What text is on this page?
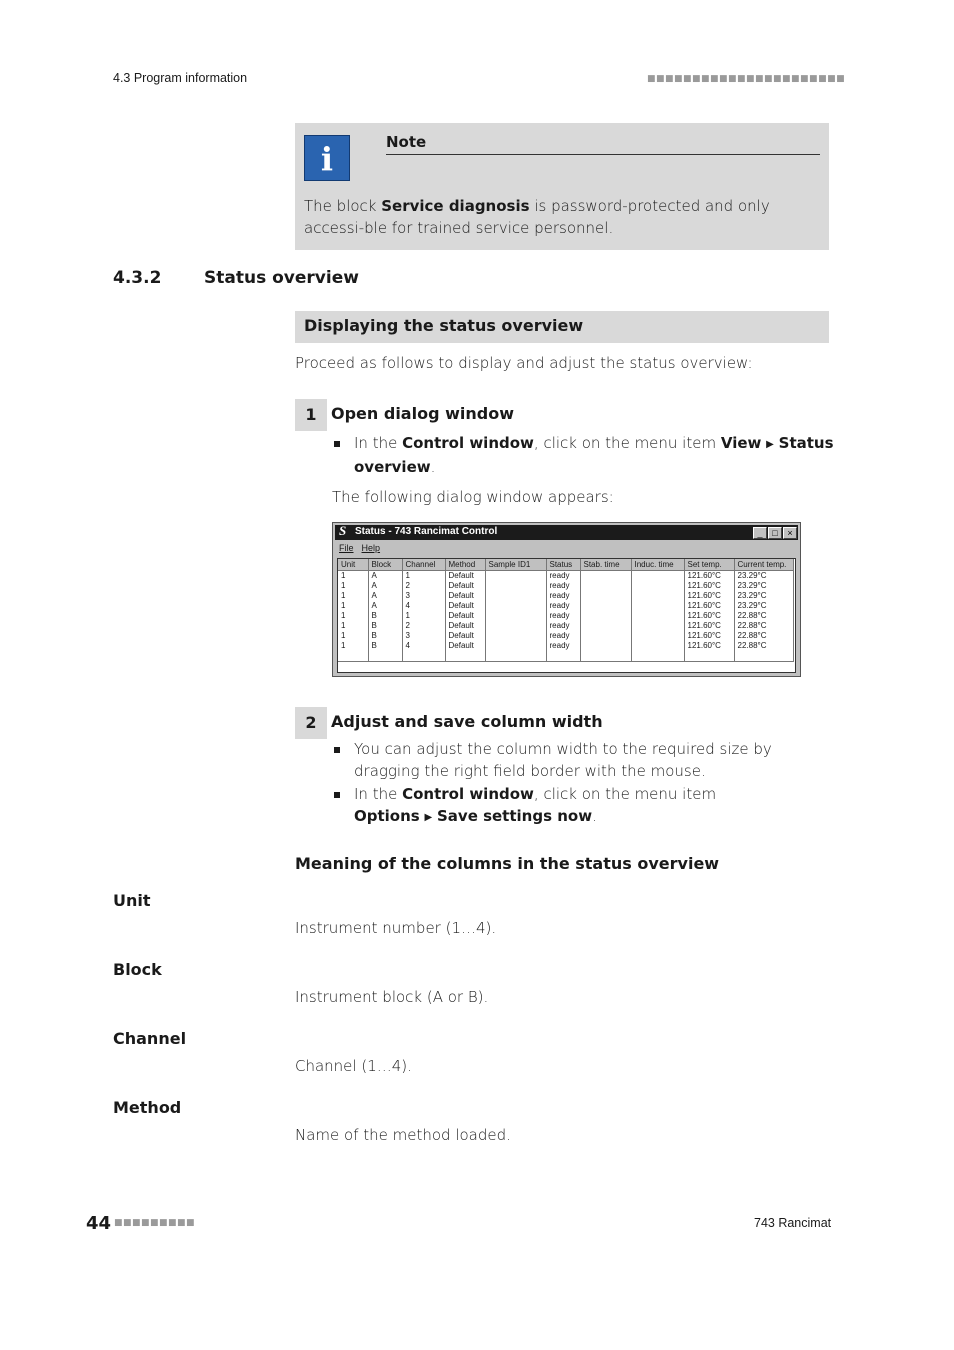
4.3 Program information	■■■■■■■■■■■■■■■■■■■■■■
i	Note
The block Service diagnosis is password-protected and only accessi-ble for trained service personnel.
4.3.2	Status overview
Displaying the status overview
Proceed as follows to display and adjust the status overview:
1 Open dialog window
In the Control window, click on the menu item View ▶ Status overview.
The following dialog window appears:
S Status - 743 Rancimat Control	_	□	×
File Help
Unit	Block	Channel	Method	Sample ID1	Status	Stab. time	Induc. time	Set temp.	Current temp.
1	A	1	Default		ready			121.60°C	23.29°C
1	A	2	Default		ready			121.60°C	23.29°C
1	A	3	Default		ready			121.60°C	23.29°C
1	A	4	Default		ready			121.60°C	23.29°C
1	B	1	Default		ready			121.60°C	22.88°C
1	B	2	Default		ready			121.60°C	22.88°C
1	B	3	Default		ready			121.60°C	22.88°C
1	B	4	Default		ready			121.60°C	22.88°C

2 Adjust and save column width
You can adjust the column width to the required size by dragging the right field border with the mouse.
In the Control window, click on the menu item
Options ▶ Save settings now.
Meaning of the columns in the status overview
Unit
Instrument number (1…4).
Block
Instrument block (A or B).
Channel
Channel (1…4).
Method
Name of the method loaded.
44 ■■■■■■■■■	743 Rancimat
